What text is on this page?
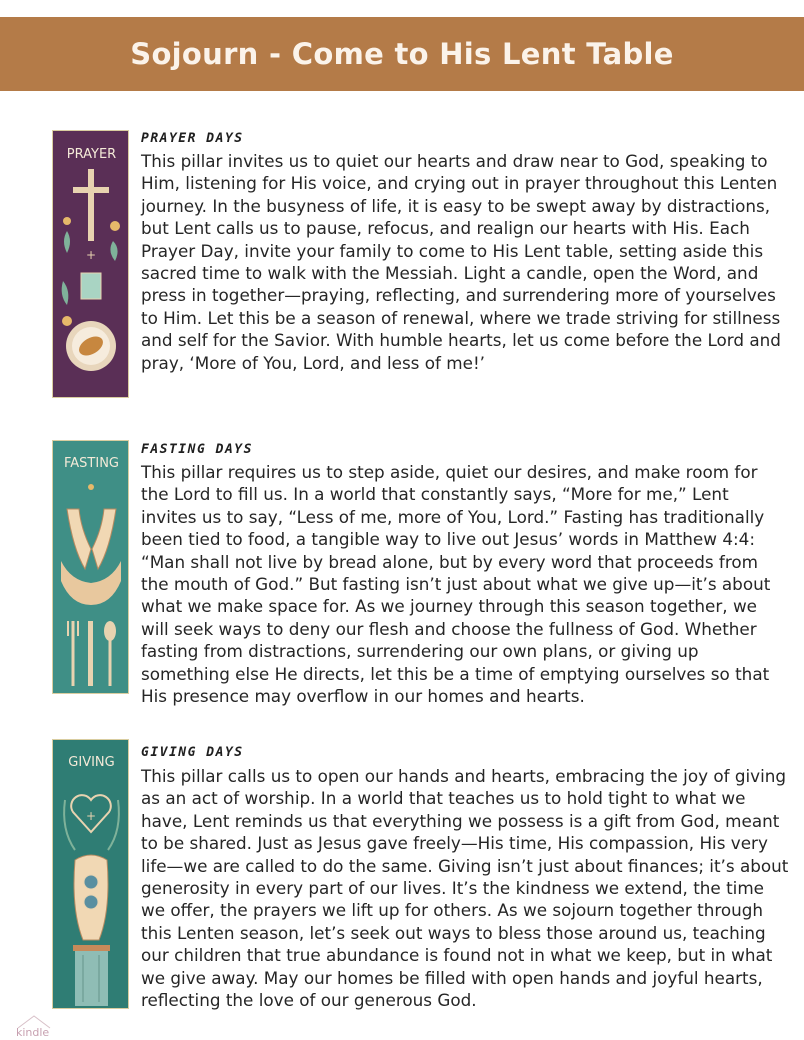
Sojourn - Come to His Lent Table
PRAYER
+
PRAYER DAYS

This pillar invites us to quiet our hearts and draw near to God, speaking to Him, listening for His voice, and crying out in prayer throughout this Lenten journey. In the busyness of life, it is easy to be swept away by distractions, but Lent calls us to pause, refocus, and realign our hearts with His. Each Prayer Day, invite your family to come to His Lent table, setting aside this sacred time to walk with the Messiah. Light a candle, open the Word, and press in together—praying, reflecting, and surrendering more of yourselves to Him. Let this be a season of renewal, where we trade striving for stillness and self for the Savior. With humble hearts, let us come before the Lord and pray, ‘More of You, Lord, and less of me!’

FASTING
FASTING DAYS

This pillar requires us to step aside, quiet our desires, and make room for the Lord to fill us. In a world that constantly says, “More for me,” Lent invites us to say, “Less of me, more of You, Lord.” Fasting has traditionally been tied to food, a tangible way to live out Jesus’ words in Matthew 4:4: “Man shall not live by bread alone, but by every word that proceeds from the mouth of God.” But fasting isn’t just about what we give up—it’s about what we make space for. As we journey through this season together, we will seek ways to deny our flesh and choose the fullness of God. Whether fasting from distractions, surrendering our own plans, or giving up something else He directs, let this be a time of emptying ourselves so that His presence may overflow in our homes and hearts.

GIVING
+
GIVING DAYS

This pillar calls us to open our hands and hearts, embracing the joy of giving as an act of worship. In a world that teaches us to hold tight to what we have, Lent reminds us that everything we possess is a gift from God, meant to be shared. Just as Jesus gave freely—His time, His compassion, His very life—we are called to do the same. Giving isn’t just about finances; it’s about generosity in every part of our lives. It’s the kindness we extend, the time we offer, the prayers we lift up for others. As we sojourn together through this Lenten season, let’s seek out ways to bless those around us, teaching our children that true abundance is found not in what we keep, but in what we give away. May our homes be filled with open hands and joyful hearts, reflecting the love of our generous God.

kindle
